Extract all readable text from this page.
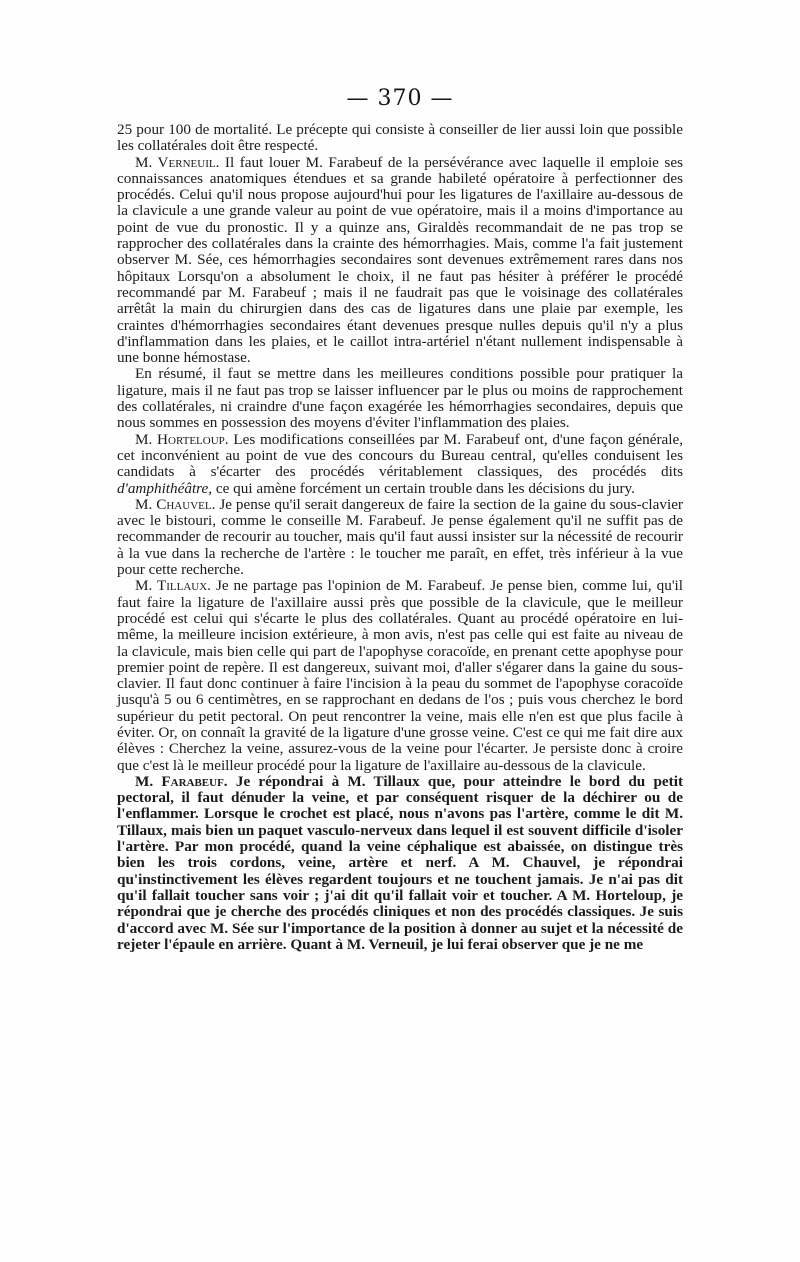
— 370 —

25 pour 100 de mortalité. Le précepte qui consiste à conseiller de lier aussi loin que possible les collatérales doit être respecté.

M. Verneuil. Il faut louer M. Farabeuf de la persévérance avec laquelle il emploie ses connaissances anatomiques étendues et sa grande habileté opératoire à perfectionner des procédés. Celui qu'il nous propose aujourd'hui pour les ligatures de l'axillaire au-dessous de la clavicule a une grande valeur au point de vue opératoire, mais il a moins d'importance au point de vue du pronostic. Il y a quinze ans, Giraldès recommandait de ne pas trop se rapprocher des collatérales dans la crainte des hémorrhagies. Mais, comme l'a fait justement observer M. Sée, ces hémorrhagies secondaires sont devenues extrêmement rares dans nos hôpitaux Lorsqu'on a absolument le choix, il ne faut pas hésiter à préférer le procédé recommandé par M. Farabeuf ; mais il ne faudrait pas que le voisinage des collatérales arrêtât la main du chirurgien dans des cas de ligatures dans une plaie par exemple, les craintes d'hémorrhagies secondaires étant devenues presque nulles depuis qu'il n'y a plus d'inflammation dans les plaies, et le caillot intra-artériel n'étant nullement indispensable à une bonne hémostase.

En résumé, il faut se mettre dans les meilleures conditions possible pour pratiquer la ligature, mais il ne faut pas trop se laisser influencer par le plus ou moins de rapprochement des collatérales, ni craindre d'une façon exagérée les hémorrhagies secondaires, depuis que nous sommes en possession des moyens d'éviter l'inflammation des plaies.

M. Horteloup. Les modifications conseillées par M. Farabeuf ont, d'une façon générale, cet inconvénient au point de vue des concours du Bureau central, qu'elles conduisent les candidats à s'écarter des procédés véritablement classiques, des procédés dits d'amphithéâtre, ce qui amène forcément un certain trouble dans les décisions du jury.

M. Chauvel. Je pense qu'il serait dangereux de faire la section de la gaine du sous-clavier avec le bistouri, comme le conseille M. Farabeuf. Je pense également qu'il ne suffit pas de recommander de recourir au toucher, mais qu'il faut aussi insister sur la nécessité de recourir à la vue dans la recherche de l'artère : le toucher me paraît, en effet, très inférieur à la vue pour cette recherche.

M. Tillaux. Je ne partage pas l'opinion de M. Farabeuf. Je pense bien, comme lui, qu'il faut faire la ligature de l'axillaire aussi près que possible de la clavicule, que le meilleur procédé est celui qui s'écarte le plus des collatérales. Quant au procédé opératoire en lui-même, la meilleure incision extérieure, à mon avis, n'est pas celle qui est faite au niveau de la clavicule, mais bien celle qui part de l'apophyse coracoïde, en prenant cette apophyse pour premier point de repère. Il est dangereux, suivant moi, d'aller s'égarer dans la gaine du sous-clavier. Il faut donc continuer à faire l'incision à la peau du sommet de l'apophyse coracoïde jusqu'à 5 ou 6 centimètres, en se rapprochant en dedans de l'os ; puis vous cherchez le bord supérieur du petit pectoral. On peut rencontrer la veine, mais elle n'en est que plus facile à éviter. Or, on connaît la gravité de la ligature d'une grosse veine. C'est ce qui me fait dire aux élèves : Cherchez la veine, assurez-vous de la veine pour l'écarter. Je persiste donc à croire que c'est là le meilleur procédé pour la ligature de l'axillaire au-dessous de la clavicule.

M. Farabeuf. Je répondrai à M. Tillaux que, pour atteindre le bord du petit pectoral, il faut dénuder la veine, et par conséquent risquer de la déchirer ou de l'enflammer. Lorsque le crochet est placé, nous n'avons pas l'artère, comme le dit M. Tillaux, mais bien un paquet vasculo-nerveux dans lequel il est souvent difficile d'isoler l'artère. Par mon procédé, quand la veine céphalique est abaissée, on distingue très bien les trois cordons, veine, artère et nerf. A M. Chauvel, je répondrai qu'instinctivement les élèves regardent toujours et ne touchent jamais. Je n'ai pas dit qu'il fallait toucher sans voir ; j'ai dit qu'il fallait voir et toucher. A M. Horteloup, je répondrai que je cherche des procédés cliniques et non des procédés classiques. Je suis d'accord avec M. Sée sur l'importance de la position à donner au sujet et la nécessité de rejeter l'épaule en arrière. Quant à M. Verneuil, je lui ferai observer que je ne me
